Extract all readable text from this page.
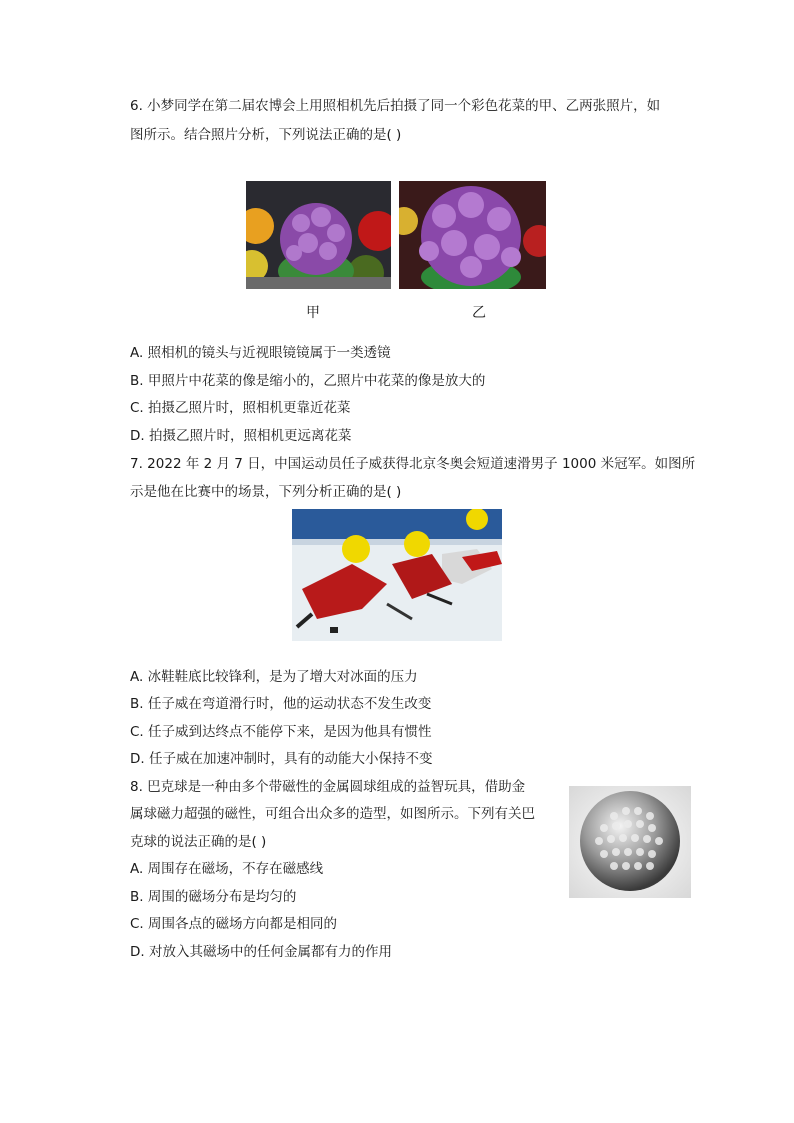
6. 小梦同学在第二届农博会上用照相机先后拍摄了同一个彩色花菜的甲、乙两张照片，如
图所示。结合照片分析，下列说法正确的是( )
甲	乙
A. 照相机的镜头与近视眼镜镜属于一类透镜
B. 甲照片中花菜的像是缩小的，乙照片中花菜的像是放大的
C. 拍摄乙照片时，照相机更靠近花菜
D. 拍摄乙照片时，照相机更远离花菜
7. 2022 年 2 月 7 日，中国运动员任子威获得北京冬奥会短道速滑男子 1000 米冠军。如图所
示是他在比赛中的场景，下列分析正确的是( )
A. 冰鞋鞋底比较锋利，是为了增大对冰面的压力
B. 任子威在弯道滑行时，他的运动状态不发生改变
C. 任子威到达终点不能停下来，是因为他具有惯性
D. 任子威在加速冲制时，具有的动能大小保持不变
8. 巴克球是一种由多个带磁性的金属圆球组成的益智玩具，借助金
属球磁力超强的磁性，可组合出众多的造型，如图所示。下列有关巴
克球的说法正确的是( )
A. 周围存在磁场，不存在磁感线
B. 周围的磁场分布是均匀的
C. 周围各点的磁场方向都是相同的
D. 对放入其磁场中的任何金属都有力的作用
